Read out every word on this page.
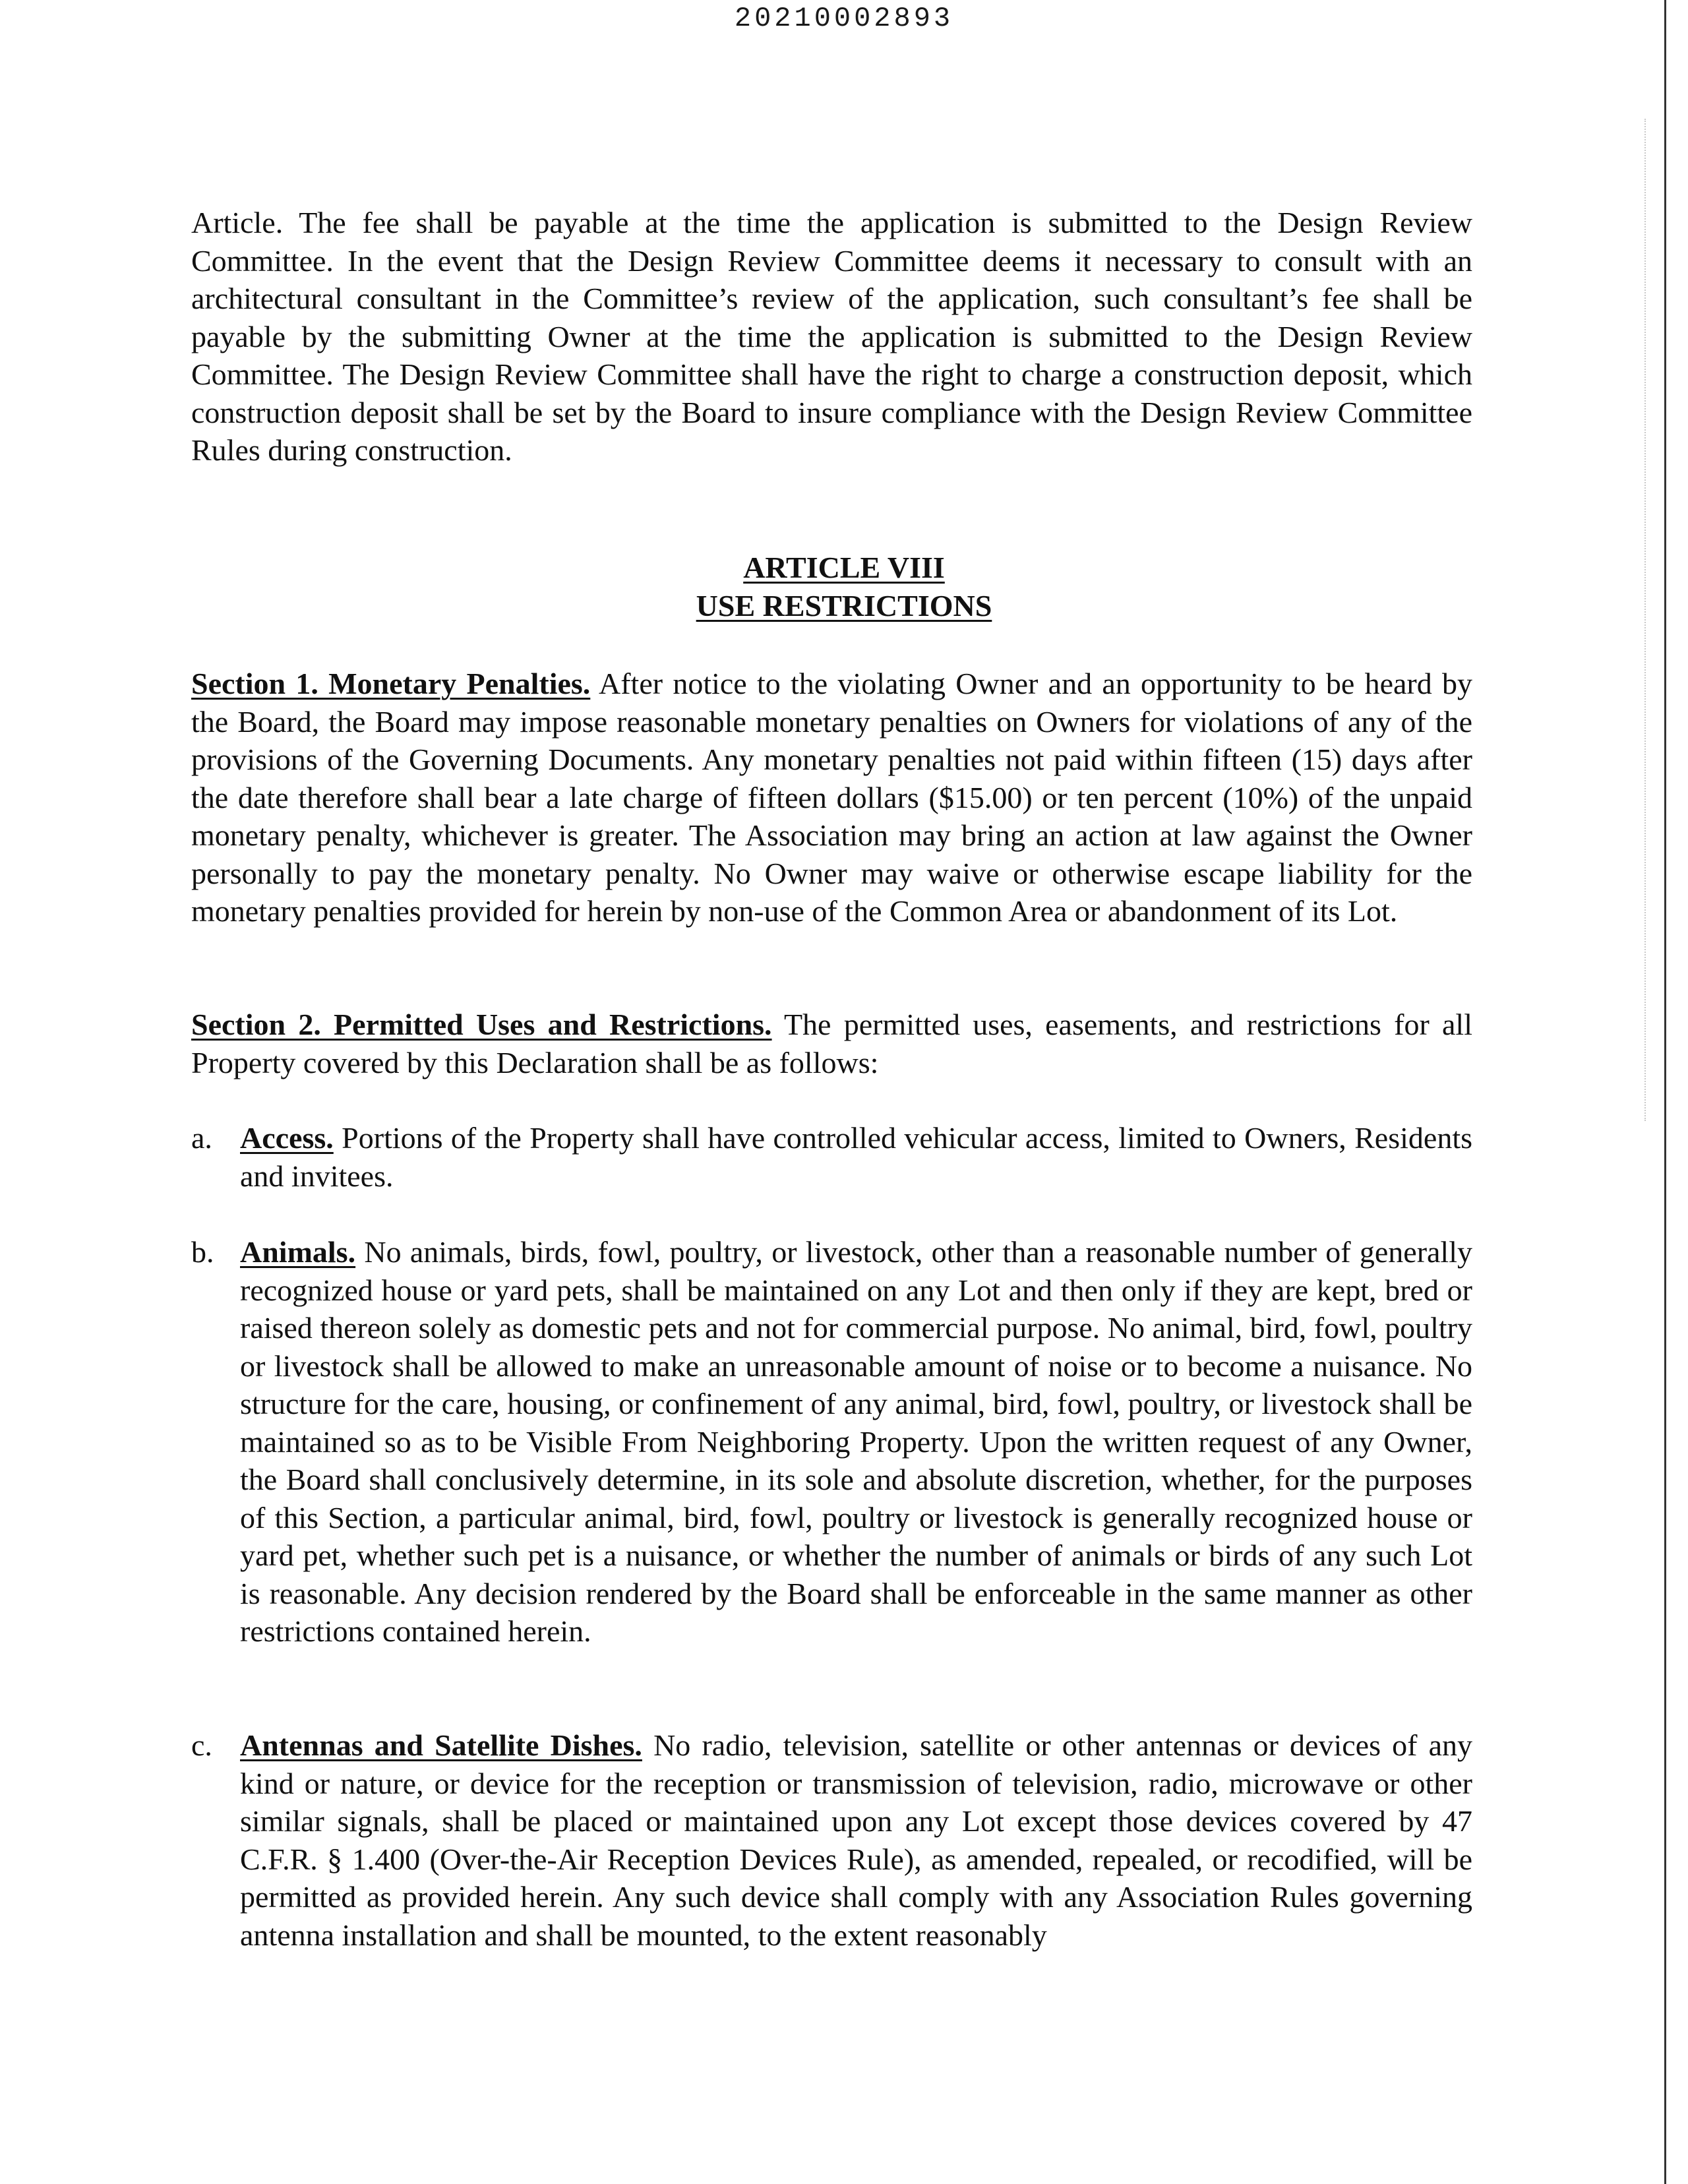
20210002893

Article. The fee shall be payable at the time the application is submitted to the Design Review Committee. In the event that the Design Review Committee deems it necessary to consult with an architectural consultant in the Committee’s review of the application, such consultant’s fee shall be payable by the submitting Owner at the time the application is submitted to the Design Review Committee. The Design Review Committee shall have the right to charge a construction deposit, which construction deposit shall be set by the Board to insure compliance with the Design Review Committee Rules during construction.

ARTICLE VIII
USE RESTRICTIONS

Section 1. Monetary Penalties. After notice to the violating Owner and an opportunity to be heard by the Board, the Board may impose reasonable monetary penalties on Owners for violations of any of the provisions of the Governing Documents. Any monetary penalties not paid within fifteen (15) days after the date therefore shall bear a late charge of fifteen dollars ($15.00) or ten percent (10%) of the unpaid monetary penalty, whichever is greater. The Association may bring an action at law against the Owner personally to pay the monetary penalty. No Owner may waive or otherwise escape liability for the monetary penalties provided for herein by non-use of the Common Area or abandonment of its Lot.

Section 2. Permitted Uses and Restrictions. The permitted uses, easements, and restrictions for all Property covered by this Declaration shall be as follows:

a. Access. Portions of the Property shall have controlled vehicular access, limited to Owners, Residents and invitees.
b. Animals. No animals, birds, fowl, poultry, or livestock, other than a reasonable number of generally recognized house or yard pets, shall be maintained on any Lot and then only if they are kept, bred or raised thereon solely as domestic pets and not for commercial purpose. No animal, bird, fowl, poultry or livestock shall be allowed to make an unreasonable amount of noise or to become a nuisance. No structure for the care, housing, or confinement of any animal, bird, fowl, poultry, or livestock shall be maintained so as to be Visible From Neighboring Property. Upon the written request of any Owner, the Board shall conclusively determine, in its sole and absolute discretion, whether, for the purposes of this Section, a particular animal, bird, fowl, poultry or livestock is generally recognized house or yard pet, whether such pet is a nuisance, or whether the number of animals or birds of any such Lot is reasonable. Any decision rendered by the Board shall be enforceable in the same manner as other restrictions contained herein.
c. Antennas and Satellite Dishes. No radio, television, satellite or other antennas or devices of any kind or nature, or device for the reception or transmission of television, radio, microwave or other similar signals, shall be placed or maintained upon any Lot except those devices covered by 47 C.F.R. § 1.400 (Over-the-Air Reception Devices Rule), as amended, repealed, or recodified, will be permitted as provided herein. Any such device shall comply with any Association Rules governing antenna installation and shall be mounted, to the extent reasonably
